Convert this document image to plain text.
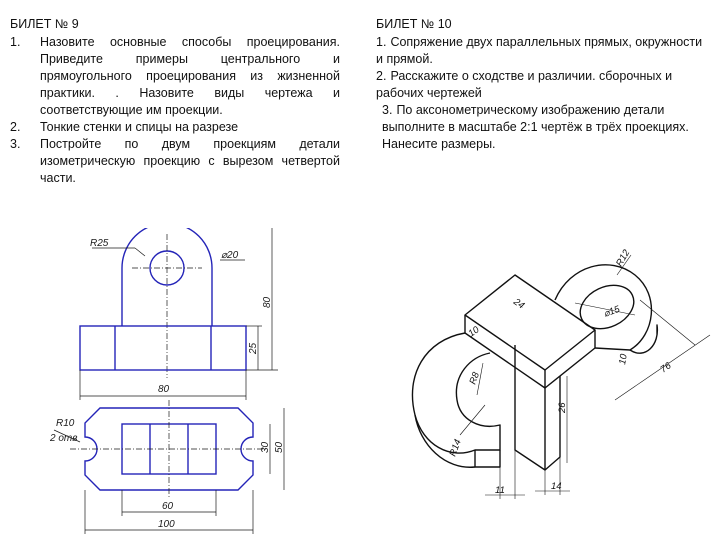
БИЛЕТ № 9
1. Назовите основные способы проецирования. Приведите примеры центрального и прямоугольного проецирования из жизненной практики. . Назовите виды чертежа и соответствующие им проекции.
2. Тонкие стенки и спицы на разрезе
3. Постройте по двум проекциям детали изометрическую проекцию с вырезом четвертой части.
БИЛЕТ № 10
1. Сопряжение двух параллельных прямых, окружности и прямой.
2. Расскажите о сходстве и различии. сборочных и рабочих чертежей
3. По аксонометрическому изображению детали выполните в масштабе 2:1 чертёж в трёх проекциях. Нанесите размеры.
R25
⌀20
80
25
80
R10
2 отв
30 50
60
100
R12
⌀15
24
10
10
76
R8
R14
26
11	14
